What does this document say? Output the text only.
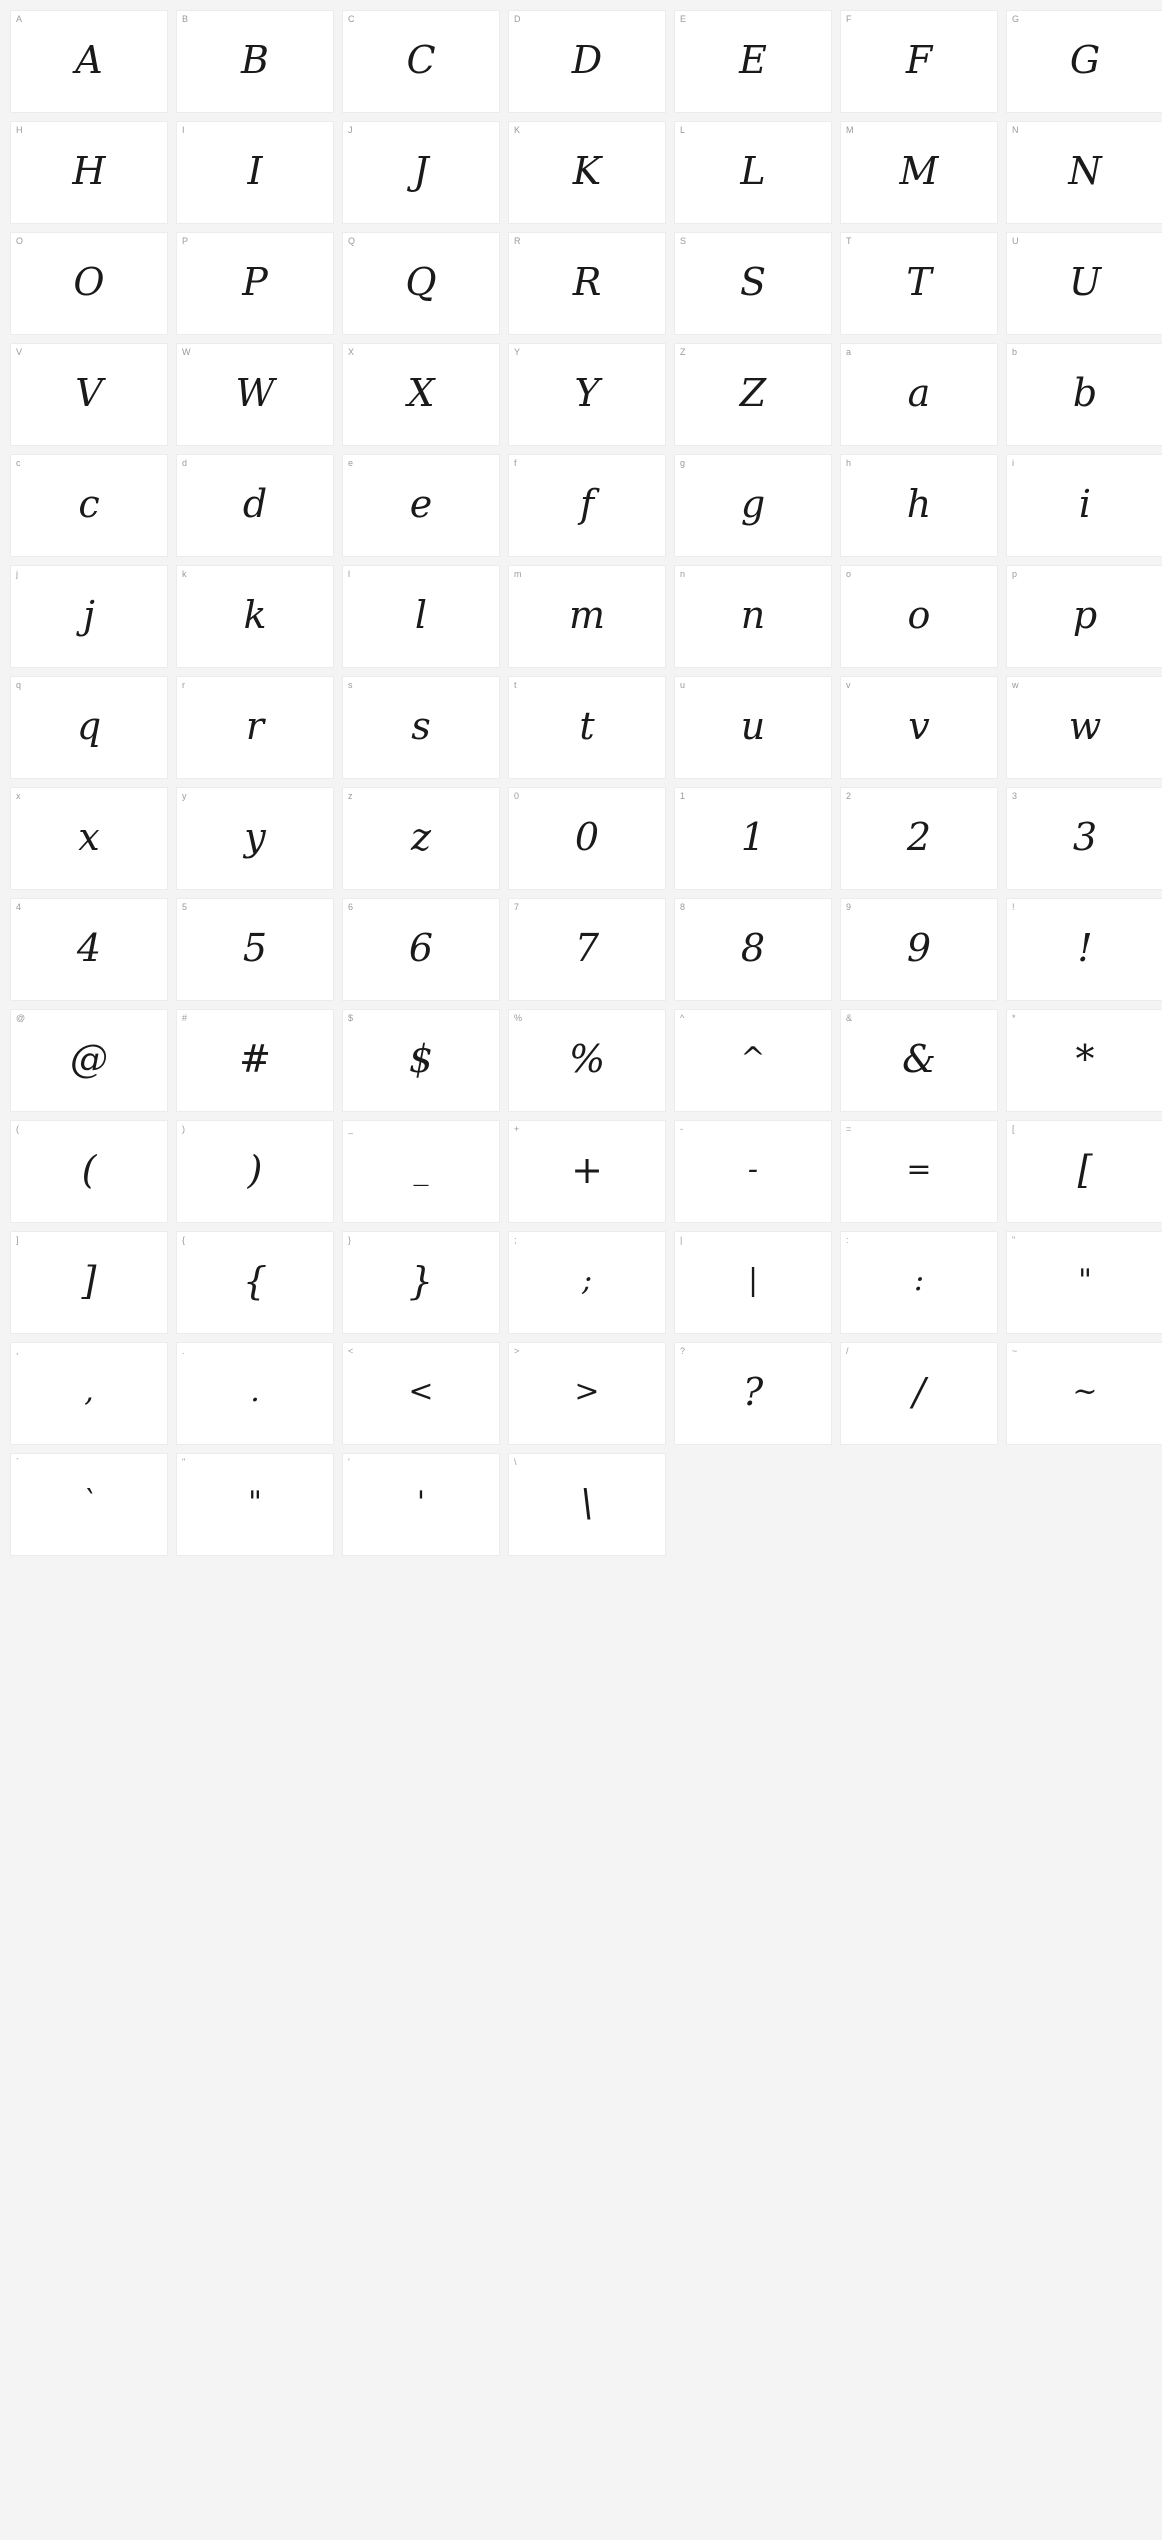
A
A
B
B
C
C
D
D
E
E
F
F
G
G
H
H
I
I
J
J
K
K
L
L
M
M
N
N
O
O
P
P
Q
Q
R
R
S
S
T
T
U
U
V
V
W
W
X
X
Y
Y
Z
Z
a
a
b
b
c
c
d
d
e
e
f
f
g
g
h
h
i
i
j
j
k
k
l
l
m
m
n
n
o
o
p
p
q
q
r
r
s
s
t
t
u
u
v
v
w
w
x
x
y
y
z
z
0
0
1
1
2
2
3
3
4
4
5
5
6
6
7
7
8
8
9
9
!
!
@
@
#
#
$
$
%
%
^
^
&
&
*
*
(
(
)
)
_
_
+
+
-
-
=
=
[
[
]
]
{
{
}
}
;
;
|
|
:
:
"
"
,
,
.
.
<
<
>
>
?
?
/
/
~
~
`
`
"
"
'
'
\
\
